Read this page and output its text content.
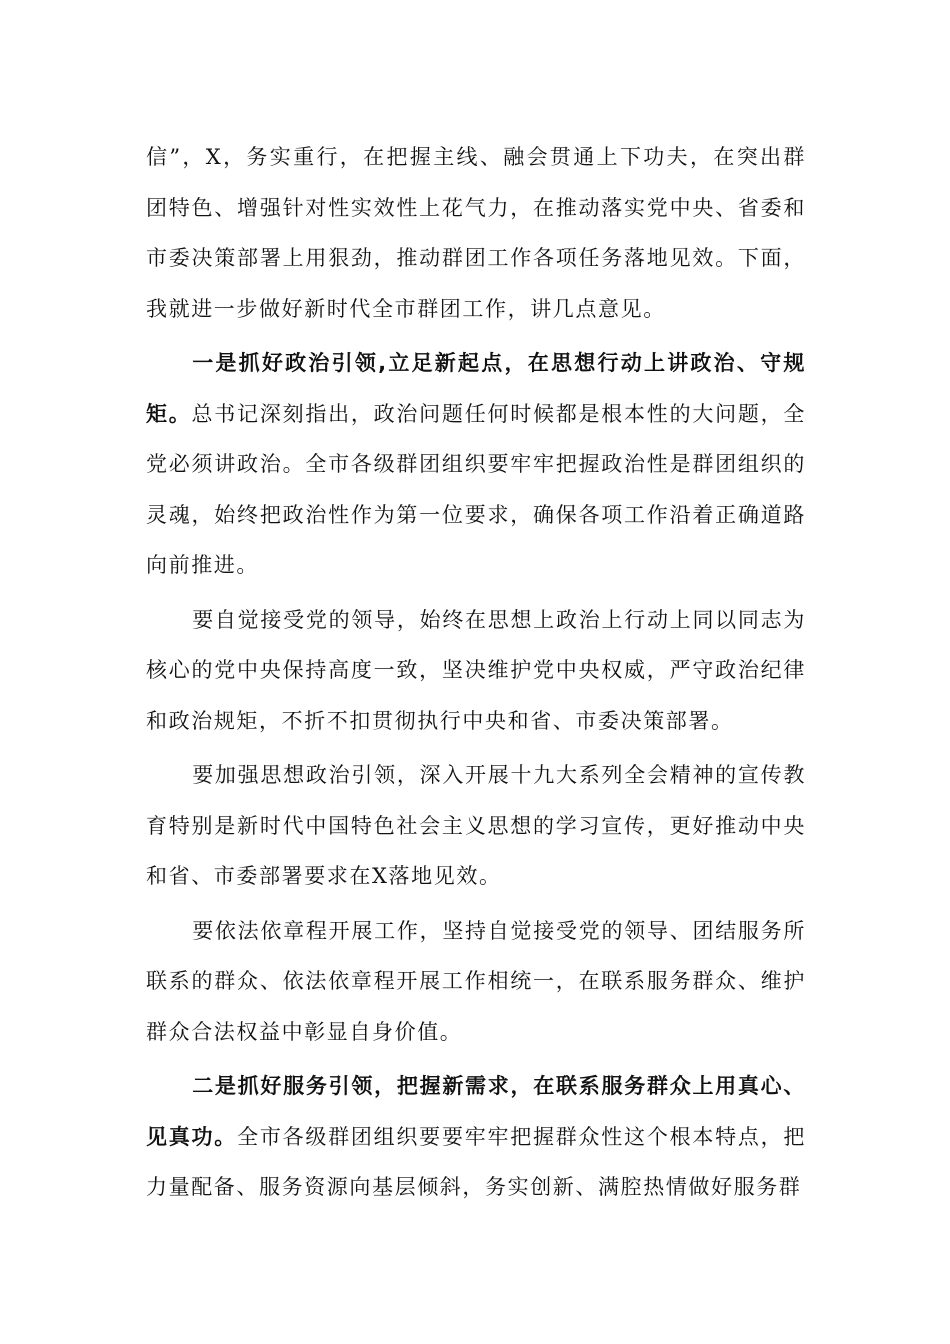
信”，X，务实重行，在把握主线、融会贯通上下功夫，在突出群团特色、增强针对性实效性上花气力，在推动落实党中央、省委和市委决策部署上用狠劲，推动群团工作各项任务落地见效。下面，我就进一步做好新时代全市群团工作，讲几点意见。

一是抓好政治引领,立足新起点，在思想行动上讲政治、守规矩。总书记深刻指出，政治问题任何时候都是根本性的大问题，全党必须讲政治。全市各级群团组织要牢牢把握政治性是群团组织的灵魂，始终把政治性作为第一位要求，确保各项工作沿着正确道路向前推进。

要自觉接受党的领导，始终在思想上政治上行动上同以同志为核心的党中央保持高度一致，坚决维护党中央权威，严守政治纪律和政治规矩，不折不扣贯彻执行中央和省、市委决策部署。

要加强思想政治引领，深入开展十九大系列全会精神的宣传教育特别是新时代中国特色社会主义思想的学习宣传，更好推动中央和省、市委部署要求在X落地见效。

要依法依章程开展工作，坚持自觉接受党的领导、团结服务所联系的群众、依法依章程开展工作相统一，在联系服务群众、维护群众合法权益中彰显自身价值。

二是抓好服务引领，把握新需求，在联系服务群众上用真心、见真功。全市各级群团组织要要牢牢把握群众性这个根本特点，把力量配备、服务资源向基层倾斜，务实创新、满腔热情做好服务群
